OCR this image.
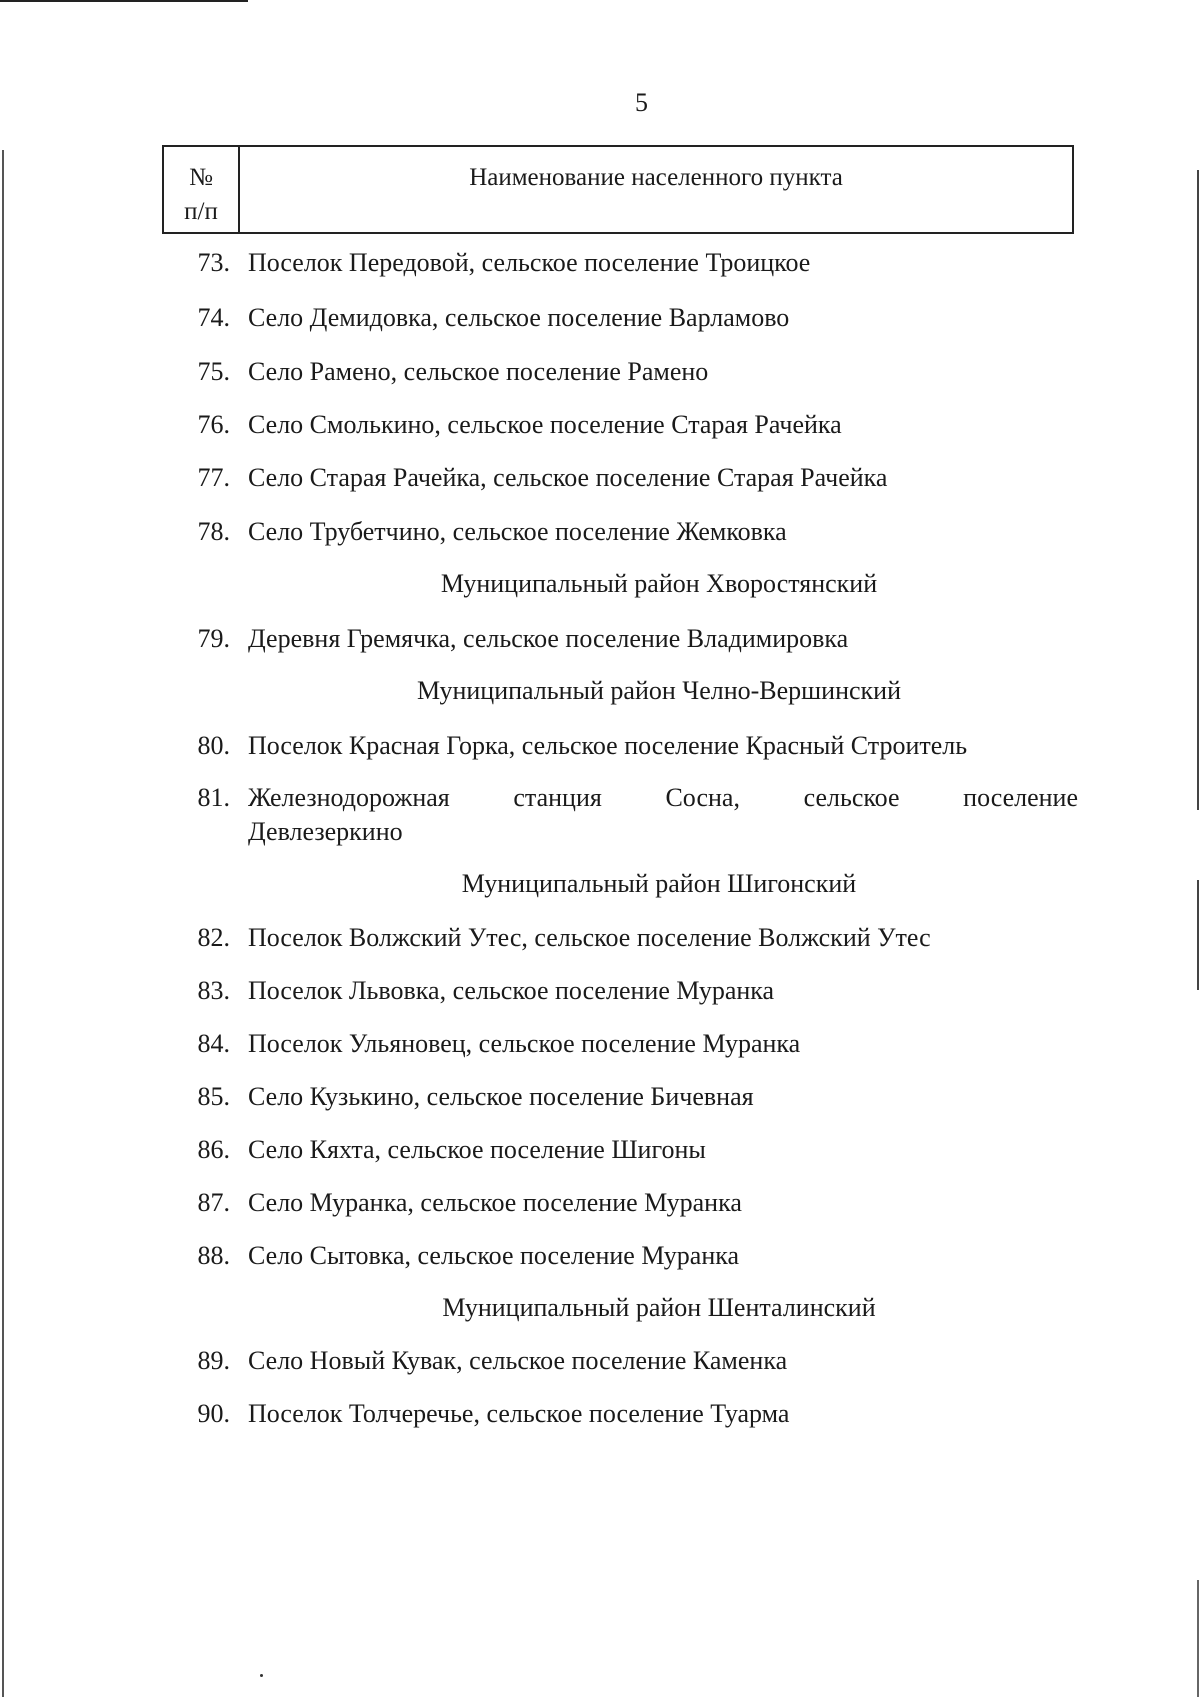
5
№
п/п
Наименование населенного пункта
73. Поселок Передовой, сельское поселение Троицкое
74. Село Демидовка, сельское поселение Варламово
75. Село Рамено, сельское поселение Рамено
76. Село Смолькино, сельское поселение Старая Рачейка
77. Село Старая Рачейка, сельское поселение Старая Рачейка
78. Село Трубетчино, сельское поселение Жемковка
Муниципальный район Хворостянский
79. Деревня Гремячка, сельское поселение Владимировка
Муниципальный район Челно-Вершинский
80. Поселок Красная Горка, сельское поселение Красный Строитель
81. Железнодорожная станция Сосна, сельское поселение
Девлезеркино
Муниципальный район Шигонский
82. Поселок Волжский Утес, сельское поселение Волжский Утес
83. Поселок Львовка, сельское поселение Муранка
84. Поселок Ульяновец, сельское поселение Муранка
85. Село Кузькино, сельское поселение Бичевная
86. Село Кяхта, сельское поселение Шигоны
87. Село Муранка, сельское поселение Муранка
88. Село Сытовка, сельское поселение Муранка
Муниципальный район Шенталинский
89. Село Новый Кувак, сельское поселение Каменка
90. Поселок Толчеречье, сельское поселение Туарма
